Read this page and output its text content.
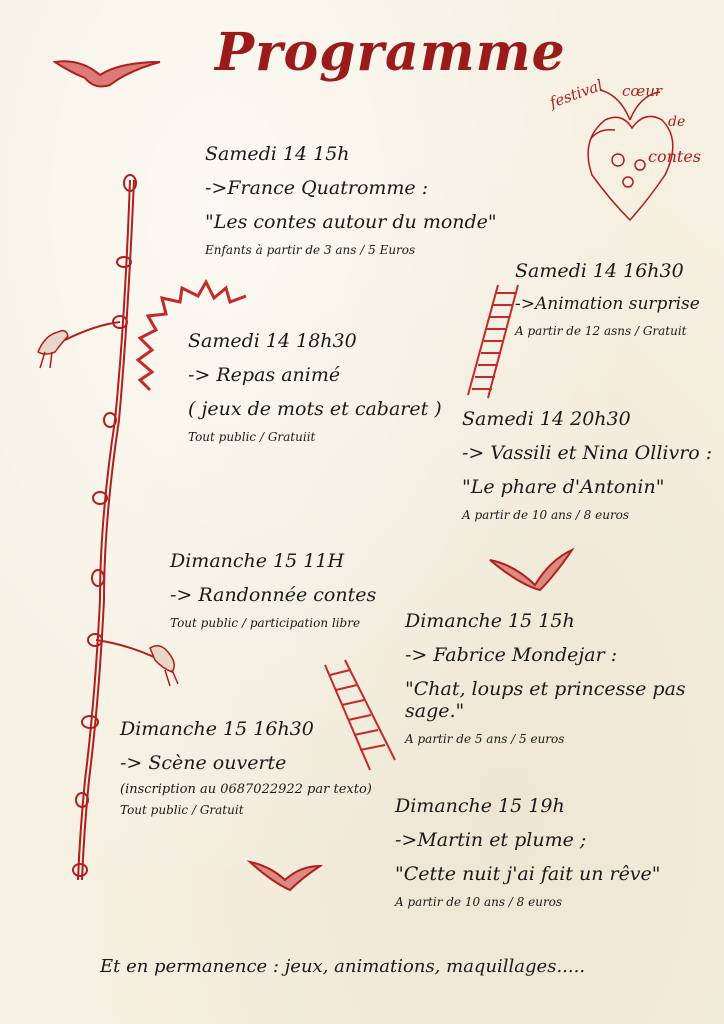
festival cœur
de
contes
Programme
Samedi 14 15h
->France Quatromme :
"Les contes autour du monde"
Enfants à partir de 3 ans / 5 Euros
Samedi 14 16h30
->Animation surprise
A partir de 12 asns / Gratuit
Samedi 14 18h30
-> Repas animé
( jeux de mots et cabaret )
Tout public / Gratuiit
Samedi 14 20h30
-> Vassili et Nina Ollivro :
"Le phare d'Antonin"
A partir de 10 ans / 8 euros
Dimanche 15 11H
-> Randonnée contes
Tout public / participation libre	Dimanche 15 15h
-> Fabrice Mondejar :
"Chat, loups et princesse pas sage."
A partir de 5 ans / 5 euros
Dimanche 15 16h30
-> Scène ouverte
(inscription au 0687022922 par texto)
Tout public / Gratuit	Dimanche 15 19h
->Martin et plume ;
"Cette nuit j'ai fait un rêve"
A partir de 10 ans / 8 euros
Et en permanence : jeux, animations, maquillages.....
